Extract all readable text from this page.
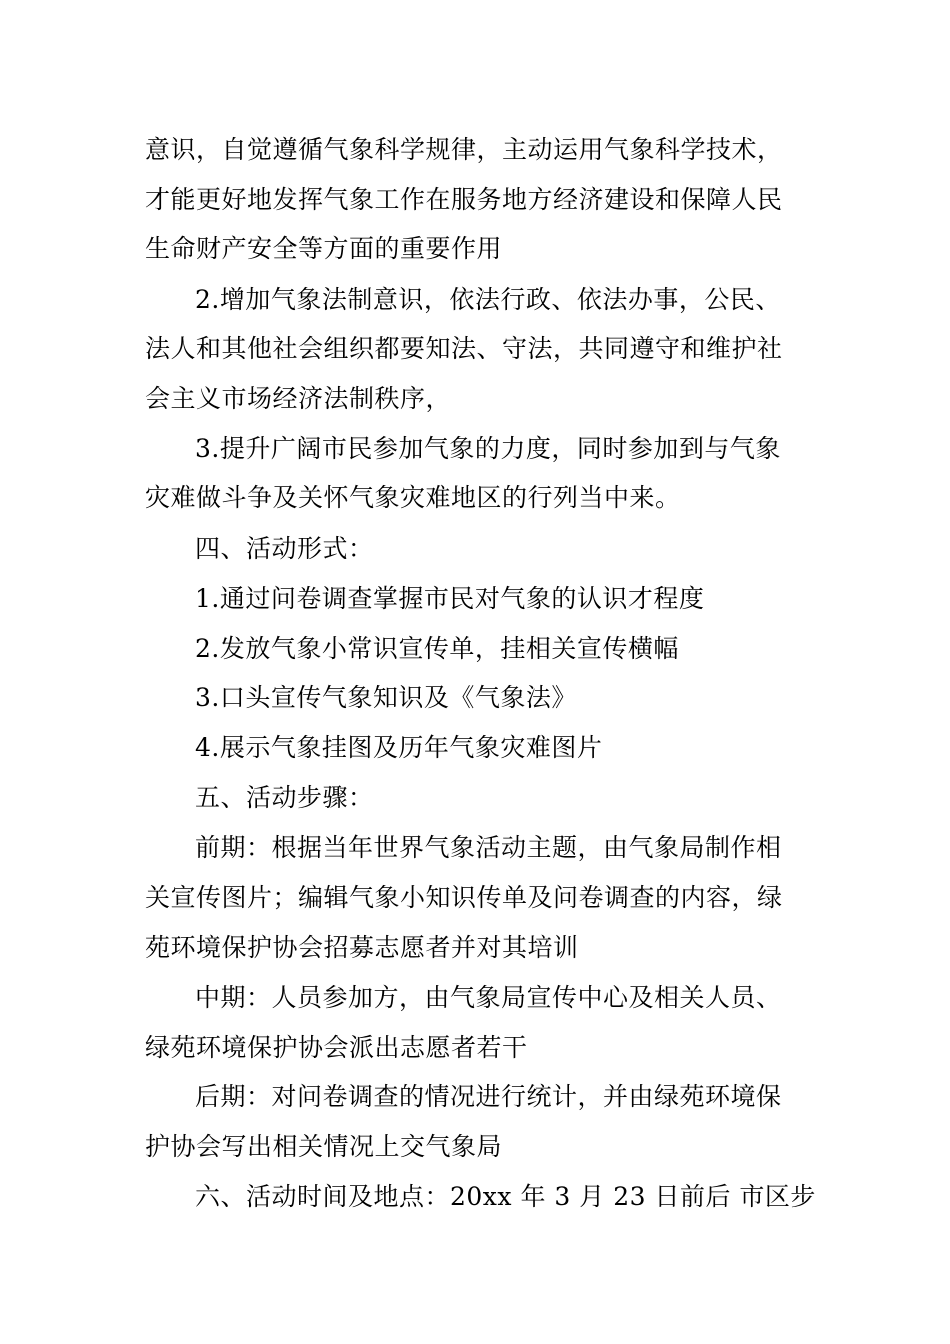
意识，自觉遵循气象科学规律，主动运用气象科学技术，
才能更好地发挥气象工作在服务地方经济建设和保障人民
生命财产安全等方面的重要作用
2.增加气象法制意识，依法行政、依法办事，公民、
法人和其他社会组织都要知法、守法，共同遵守和维护社
会主义市场经济法制秩序，
3.提升广阔市民参加气象的力度，同时参加到与气象
灾难做斗争及关怀气象灾难地区的行列当中来。
四、活动形式：
1.通过问卷调查掌握市民对气象的认识才程度
2.发放气象小常识宣传单，挂相关宣传横幅
3.口头宣传气象知识及《气象法》
4.展示气象挂图及历年气象灾难图片
五、活动步骤：
前期：根据当年世界气象活动主题，由气象局制作相
关宣传图片；编辑气象小知识传单及问卷调查的内容，绿
苑环境保护协会招募志愿者并对其培训
中期：人员参加方，由气象局宣传中心及相关人员、
绿苑环境保护协会派出志愿者若干
后期：对问卷调查的情况进行统计，并由绿苑环境保
护协会写出相关情况上交气象局
六、活动时间及地点：20xx 年 3 月 23 日前后 市区步
